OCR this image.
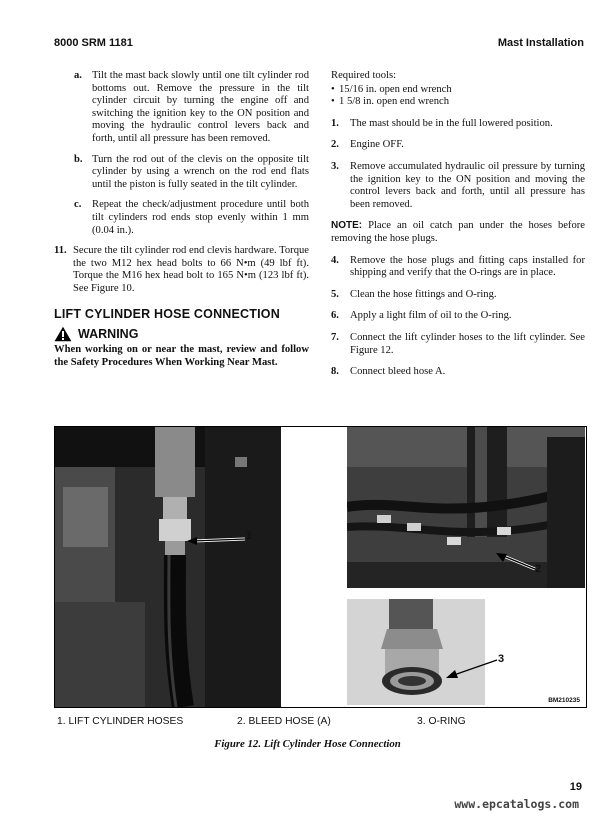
8000 SRM 1181	Mast Installation
a. Tilt the mast back slowly until one tilt cylinder rod bottoms out. Remove the pressure in the tilt cylinder circuit by turning the engine off and switching the ignition key to the ON position and moving the hydraulic control levers back and forth, until all pressure has been removed.
b. Turn the rod out of the clevis on the opposite tilt cylinder by using a wrench on the rod end flats until the piston is fully seated in the tilt cylinder.
c. Repeat the check/adjustment procedure until both tilt cylinders rod ends stop evenly within 1 mm (0.04 in.).
11. Secure the tilt cylinder rod end clevis hardware. Torque the two M12 hex head bolts to 66 N•m (49 lbf ft). Torque the M16 hex head bolt to 165 N•m (123 lbf ft). See Figure 10.
LIFT CYLINDER HOSE CONNECTION
WARNING
When working on or near the mast, review and follow the Safety Procedures When Working Near Mast.
Required tools:
• 15/16 in. open end wrench
• 1 5/8 in. open end wrench
1. The mast should be in the full lowered position.
2. Engine OFF.
3. Remove accumulated hydraulic oil pressure by turning the ignition key to the ON position and moving the control levers back and forth, until all pressure has been removed.
NOTE: Place an oil catch pan under the hoses before removing the hose plugs.
4. Remove the hose plugs and fitting caps installed for shipping and verify that the O-rings are in place.
5. Clean the hose fittings and O-ring.
6. Apply a light film of oil to the O-ring.
7. Connect the lift cylinder hoses to the lift cylinder. See Figure 12.
8. Connect bleed hose A.
1
2
3
BM210235
1. LIFT CYLINDER HOSES	2. BLEED HOSE (A)	3. O-RING
Figure 12. Lift Cylinder Hose Connection
19
www.epcatalogs.com
